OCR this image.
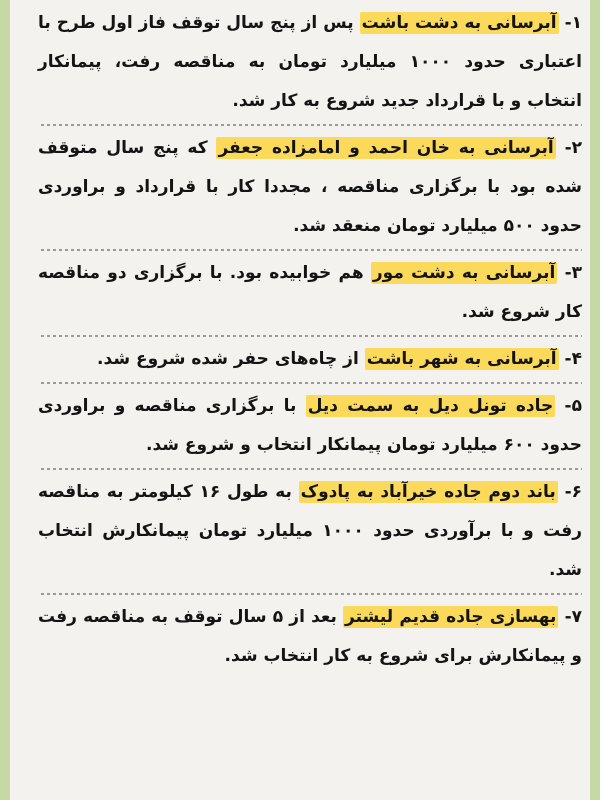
۱- آبرسانی به دشت باشت پس از پنج سال توقف فاز اول طرح با اعتباری حدود ۱۰۰۰ میلیارد تومان به مناقصه رفت، پیمانکار انتخاب و با قرارداد جدید شروع به کار شد.

۲- آبرسانی به خان احمد و امامزاده جعفر که پنج سال متوقف شده بود با برگزاری مناقصه ، مجددا کار با قرارداد و براوردی حدود ۵۰۰ میلیارد تومان منعقد شد.

۳- آبرسانی به دشت مور هم خوابیده بود. با برگزاری دو مناقصه کار شروع شد.

۴- آبرسانی به شهر باشت از چاه‌های حفر شده شروع شد.

۵- جاده تونل دیل به سمت دیل با برگزاری مناقصه و براوردی حدود ۶۰۰ میلیارد تومان پیمانکار انتخاب و شروع شد.

۶- باند دوم جاده خیرآباد به پادوک به طول ۱۶ کیلومتر به مناقصه رفت و با برآوردی حدود ۱۰۰۰ میلیارد تومان پیمانکارش انتخاب شد.

۷- بهسازی جاده قدیم لیشتر بعد از ۵ سال توقف به مناقصه رفت و پیمانکارش برای شروع به کار انتخاب شد.
